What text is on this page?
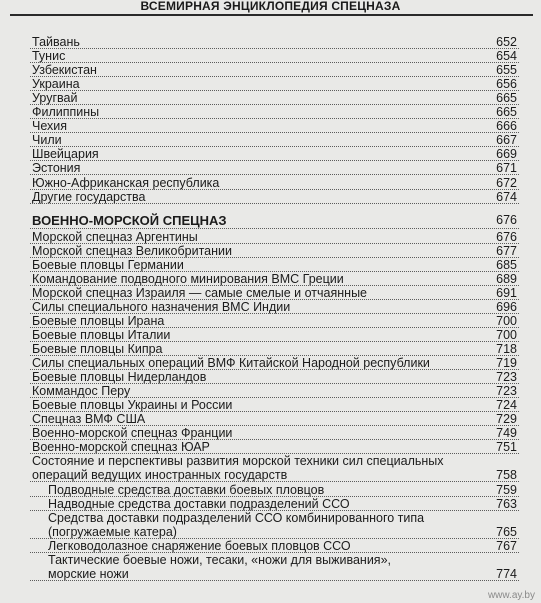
ВСЕМИРНАЯ ЭНЦИКЛОПЕДИЯ СПЕЦНАЗА
Тайвань	652
Тунис	654
Узбекистан	655
Украина	656
Уругвай	665
Филиппины	665
Чехия	666
Чили	667
Швейцария	669
Эстония	671
Южно-Африканская республика	672
Другие государства	674
ВОЕННО-МОРСКОЙ СПЕЦНАЗ	676
Морской спецназ Аргентины	676
Морской спецназ Великобритании	677
Боевые пловцы Германии	685
Командование подводного минирования ВМС Греции	689
Морской спецназ Израиля — самые смелые и отчаянные	691
Силы специального назначения ВМС Индии	696
Боевые пловцы Ирана	700
Боевые пловцы Италии	700
Боевые пловцы Кипра	718
Силы специальных операций ВМФ Китайской Народной республики	719
Боевые пловцы Нидерландов	723
Коммандос Перу	723
Боевые пловцы Украины и России	724
Спецназ ВМФ США	729
Военно-морской спецназ Франции	749
Военно-морской спецназ ЮАР	751
Состояние и перспективы развития морской техники сил специальных
операций ведущих иностранных государств	758
Подводные средства доставки боевых пловцов	759
Надводные средства доставки подразделений ССО	763
Средства доставки подразделений ССО комбинированного типа
(погружаемые катера)	765
Легководолазное снаряжение боевых пловцов ССО	767
Тактические боевые ножи, тесаки, «ножи для выживания»,
морские ножи	774
www.ay.by
